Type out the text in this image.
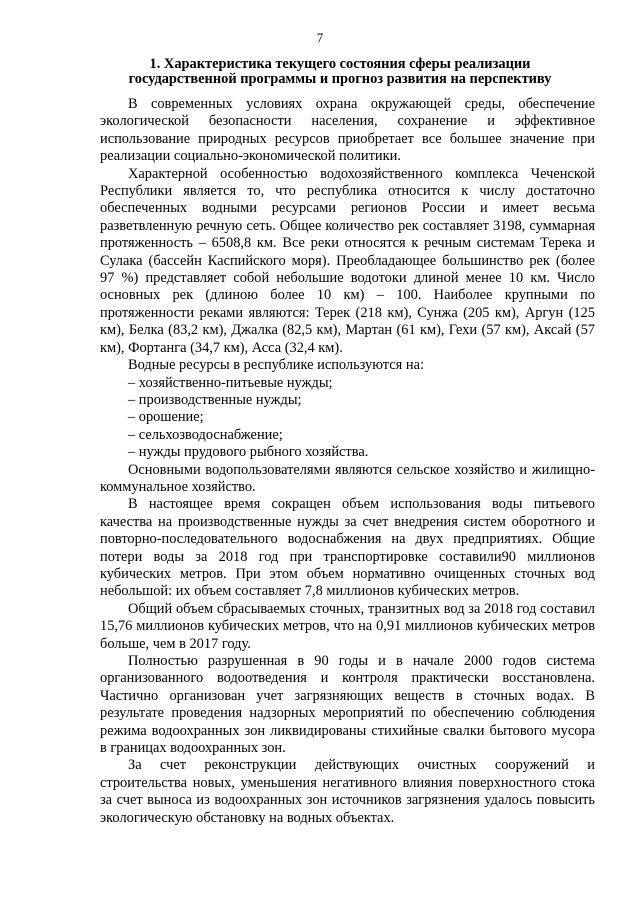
7
1. Характеристика текущего состояния сферы реализации
государственной программы и прогноз развития на перспективу

В современных условиях охрана окружающей среды, обеспечение экологической безопасности населения, сохранение и эффективное использование природных ресурсов приобретает все большее значение при реализации социально-экономической политики.

Характерной особенностью водохозяйственного комплекса Чеченской Республики является то, что республика относится к числу достаточно обеспеченных водными ресурсами регионов России и имеет весьма разветвленную речную сеть. Общее количество рек составляет 3198, суммарная протяженность – 6508,8 км. Все реки относятся к речным системам Терека и Сулака (бассейн Каспийского моря). Преобладающее большинство рек (более 97 %) представляет собой небольшие водотоки длиной менее 10 км. Число основных рек (длиною более 10 км) – 100. Наиболее крупными по протяженности реками являются: Терек (218 км), Сунжа (205 км), Аргун (125 км), Белка (83,2 км), Джалка (82,5 км), Мартан (61 км), Гехи (57 км), Аксай (57 км), Фортанга (34,7 км), Асса (32,4 км).

Водные ресурсы в республике используются на:

– хозяйственно-питьевые нужды;

– производственные нужды;

– орошение;

– сельхозводоснабжение;

– нужды прудового рыбного хозяйства.

Основными водопользователями являются сельское хозяйство и жилищно-коммунальное хозяйство.

В настоящее время сокращен объем использования воды питьевого качества на производственные нужды за счет внедрения систем оборотного и повторно-последовательного водоснабжения на двух предприятиях. Общие потери воды за 2018 год при транспортировке составили90 миллионов кубических метров. При этом объем нормативно очищенных сточных вод небольшой: их объем составляет 7,8 миллионов кубических метров.

Общий объем сбрасываемых сточных, транзитных вод за 2018 год составил 15,76 миллионов кубических метров, что на 0,91 миллионов кубических метров больше, чем в 2017 году.

Полностью разрушенная в 90 годы и в начале 2000 годов система организованного водоотведения и контроля практически восстановлена. Частично организован учет загрязняющих веществ в сточных водах. В результате проведения надзорных мероприятий по обеспечению соблюдения режима водоохранных зон ликвидированы стихийные свалки бытового мусора в границах водоохранных зон.

За счет реконструкции действующих очистных сооружений и строительства новых, уменьшения негативного влияния поверхностного стока за счет выноса из водоохранных зон источников загрязнения удалось повысить экологическую обстановку на водных объектах.
